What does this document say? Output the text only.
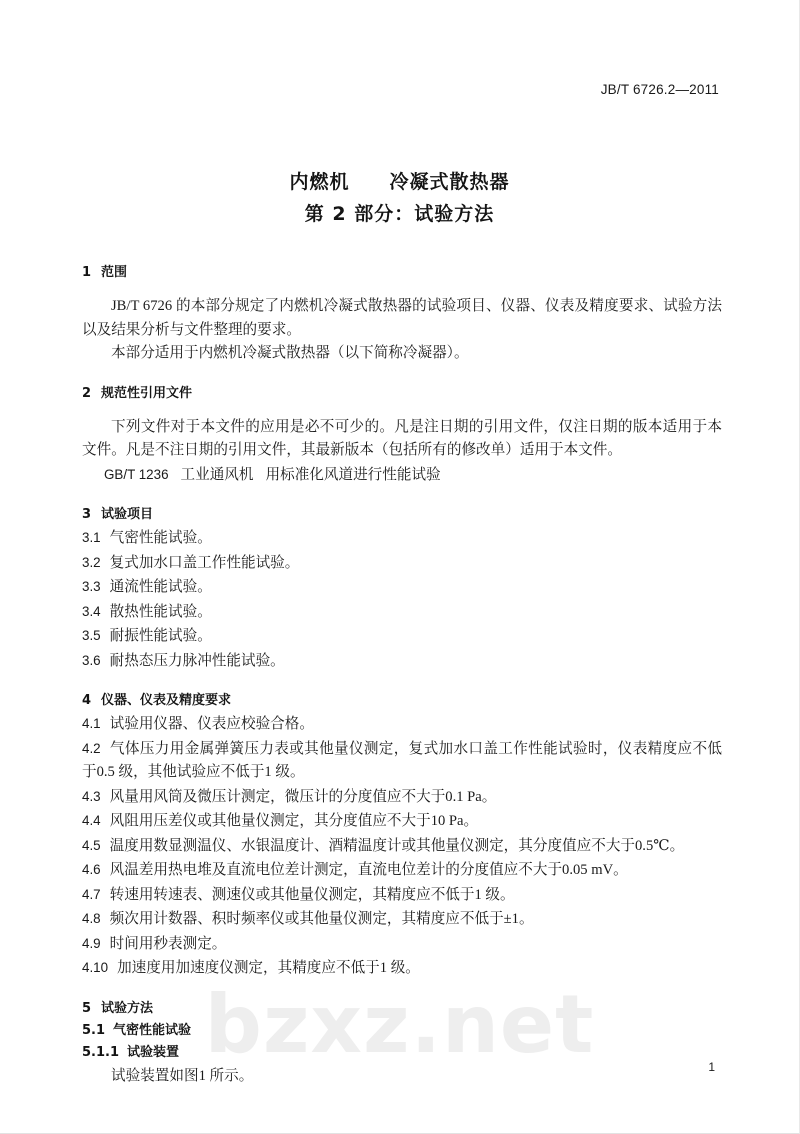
bzxz.net
JB/T 6726.2—2011
内燃机　　冷凝式散热器
第 2 部分：试验方法

1 范围

JB/T 6726 的本部分规定了内燃机冷凝式散热器的试验项目、仪器、仪表及精度要求、试验方法以及结果分析与文件整理的要求。

本部分适用于内燃机冷凝式散热器（以下简称冷凝器）。

2 规范性引用文件

下列文件对于本文件的应用是必不可少的。凡是注日期的引用文件，仅注日期的版本适用于本文件。凡是不注日期的引用文件，其最新版本（包括所有的修改单）适用于本文件。

GB/T 1236 工业通风机 用标准化风道进行性能试验

3 试验项目

3.1 气密性能试验。

3.2 复式加水口盖工作性能试验。

3.3 通流性能试验。

3.4 散热性能试验。

3.5 耐振性能试验。

3.6 耐热态压力脉冲性能试验。

4 仪器、仪表及精度要求

4.1 试验用仪器、仪表应校验合格。

4.2 气体压力用金属弹簧压力表或其他量仪测定，复式加水口盖工作性能试验时，仪表精度应不低于0.5 级，其他试验应不低于1 级。

4.3 风量用风筒及微压计测定，微压计的分度值应不大于0.1 Pa。

4.4 风阻用压差仪或其他量仪测定，其分度值应不大于10 Pa。

4.5 温度用数显测温仪、水银温度计、酒精温度计或其他量仪测定，其分度值应不大于0.5℃。

4.6 风温差用热电堆及直流电位差计测定，直流电位差计的分度值应不大于0.05 mV。

4.7 转速用转速表、测速仪或其他量仪测定，其精度应不低于1 级。

4.8 频次用计数器、积时频率仪或其他量仪测定，其精度应不低于±1。

4.9 时间用秒表测定。

4.10 加速度用加速度仪测定，其精度应不低于1 级。

5 试验方法

5.1 气密性能试验

5.1.1 试验装置

试验装置如图1 所示。

1
